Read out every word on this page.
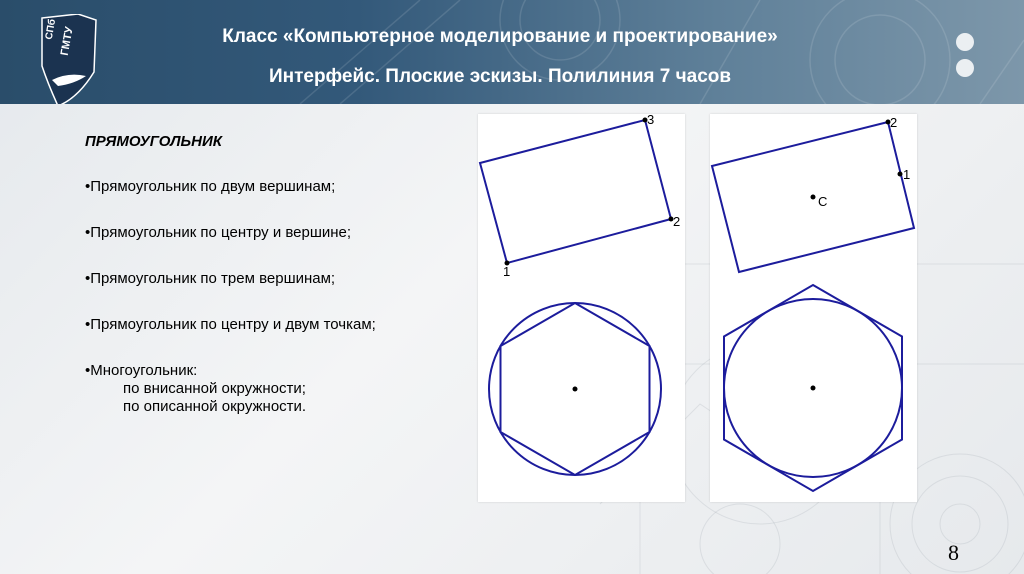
СПб ГМТУ	Класс «Компьютерное моделирование и проектирование»
Интерфейс. Плоские эскизы. Полилиния 7 часов
ПРЯМОУГОЛЬНИК
•Прямоугольник по двум вершинам;
•Прямоугольник по центру и вершине;
•Прямоугольник по трем вершинам;
•Прямоугольник по центру и двум точкам;
•Многоугольник:
по внисанной окружности;
по описанной окружности.
3
2
1
2
1
C
8
